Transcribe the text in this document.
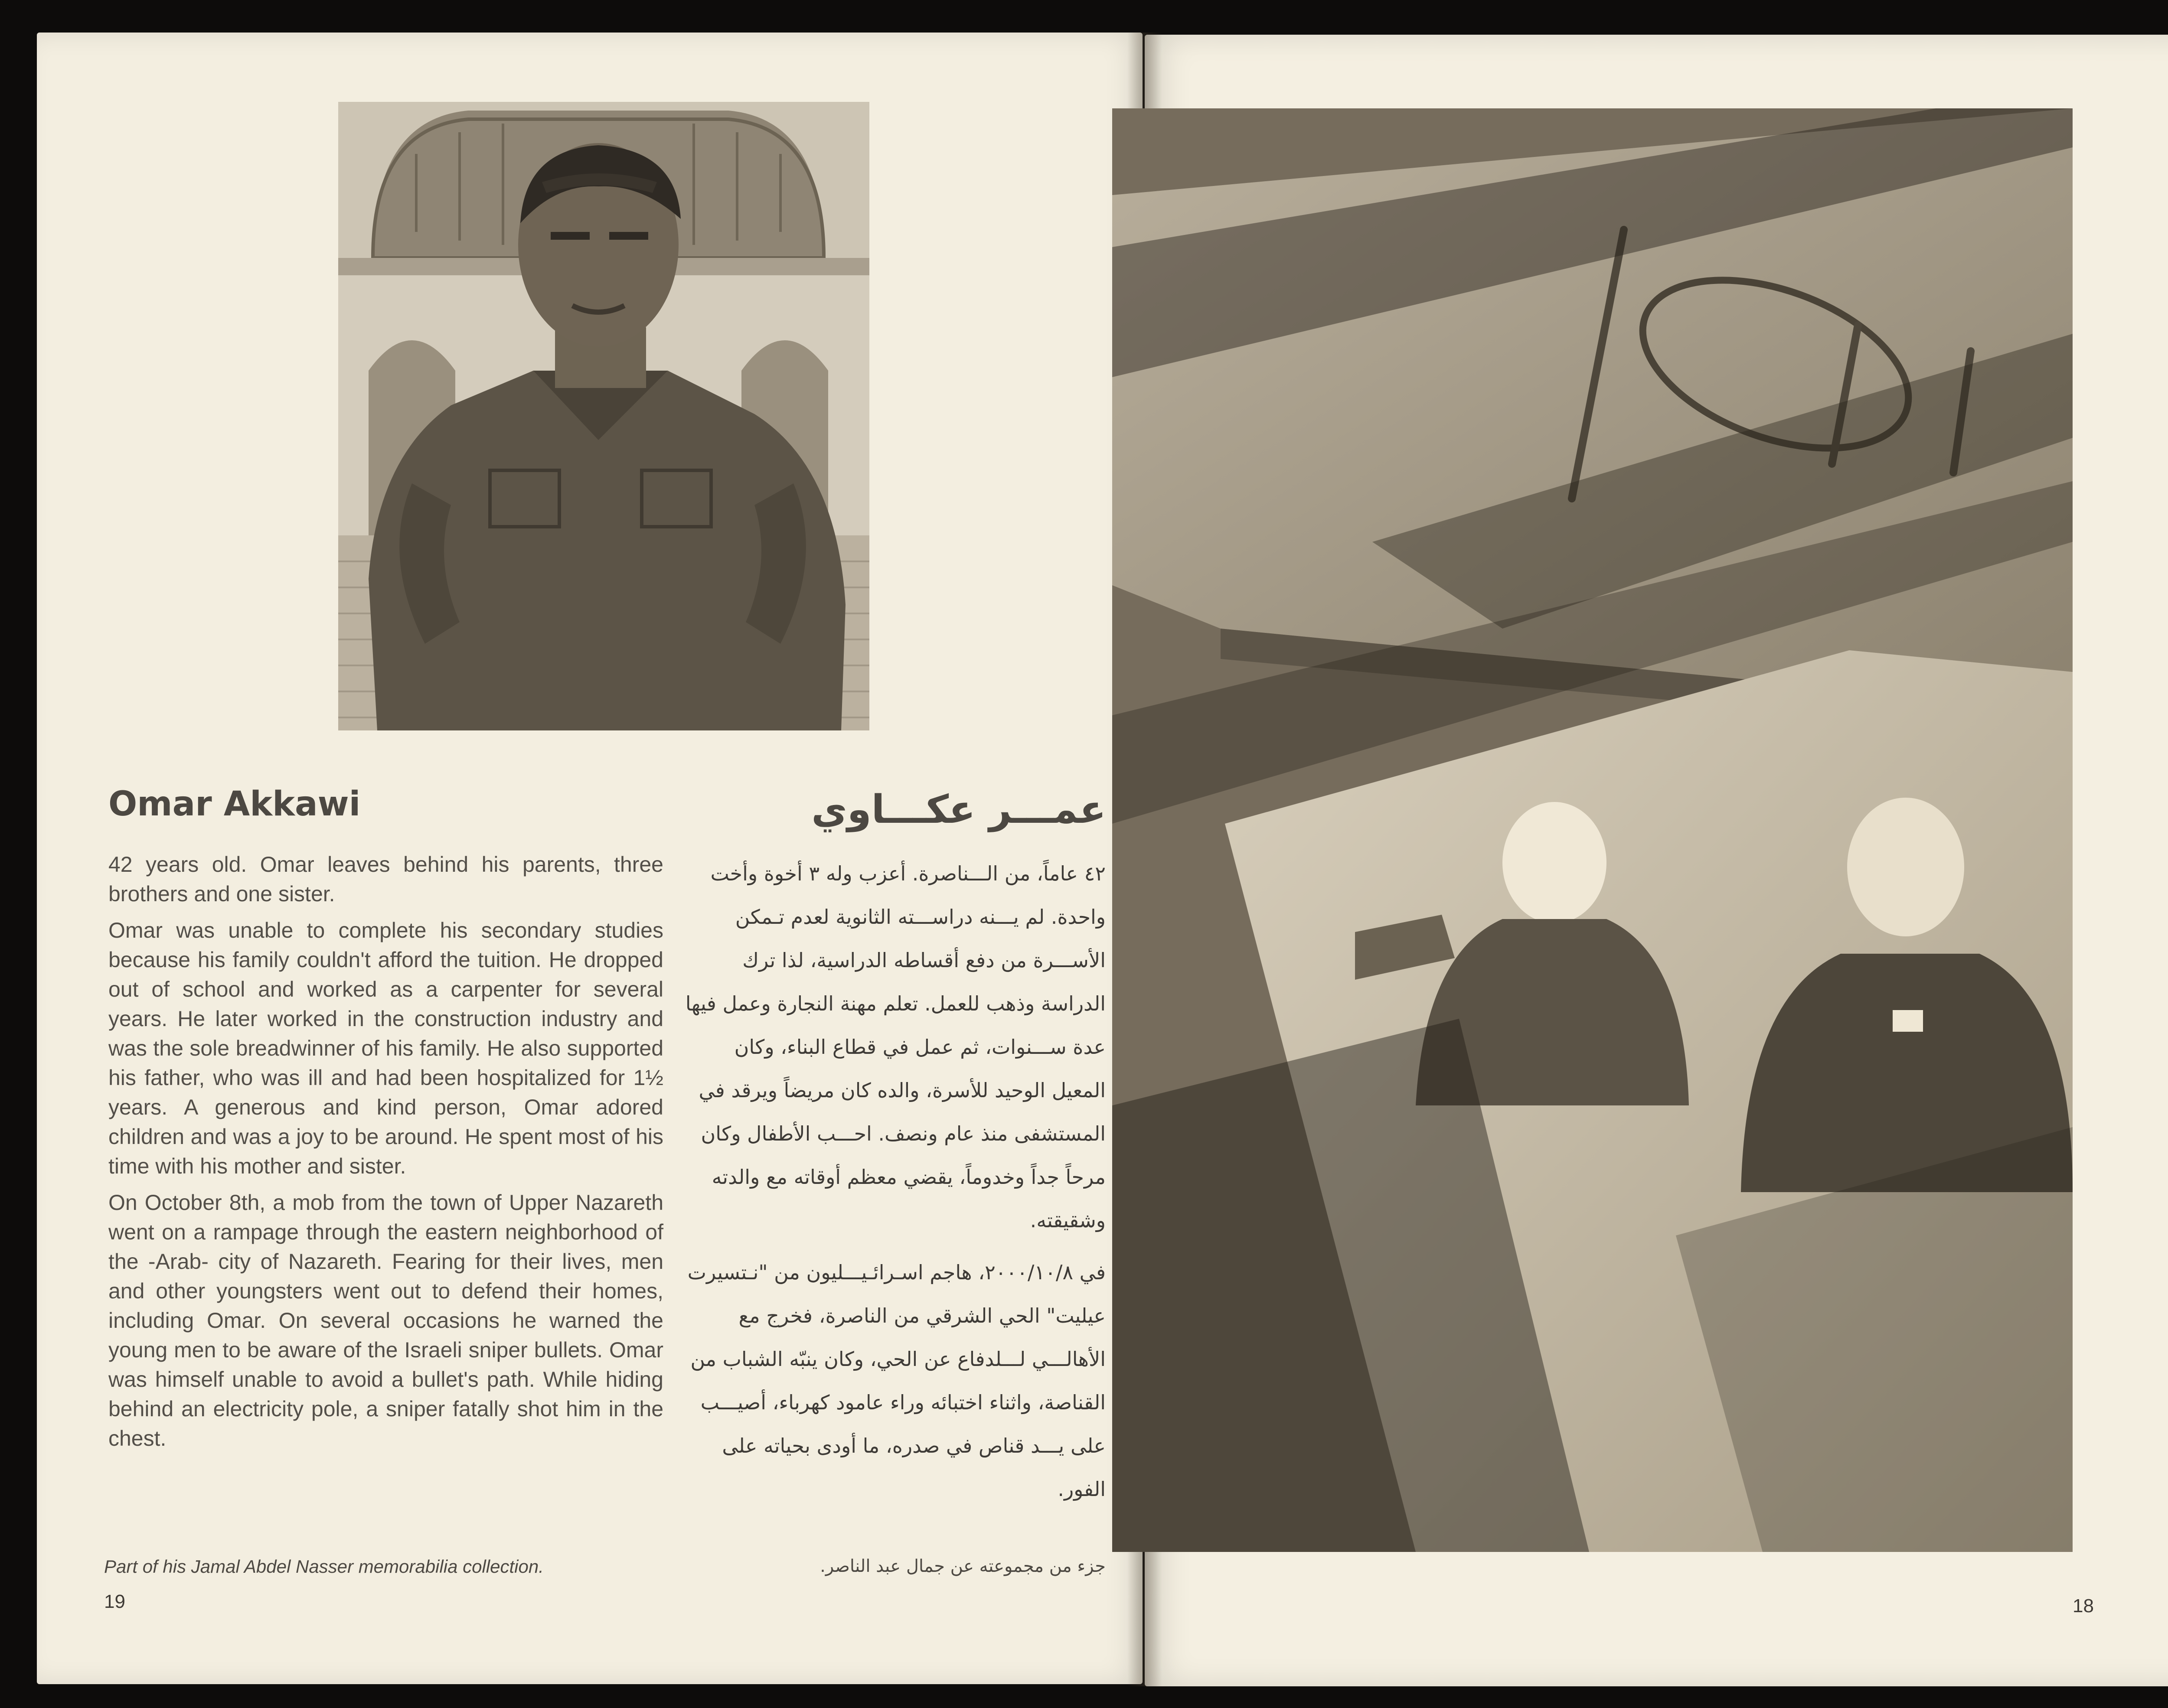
Omar Akkawi	عمـــر عكـــاوي

42 years old. Omar leaves behind his parents, three brothers and one sister.

Omar was unable to complete his secondary studies because his family couldn't afford the tuition. He dropped out of school and worked as a carpenter for several years. He later worked in the construction industry and was the sole breadwinner of his family. He also supported his father, who was ill and had been hospitalized for 1½ years. A generous and kind person, Omar adored children and was a joy to be around. He spent most of his time with his mother and sister.

On October 8th, a mob from the town of Upper Nazareth went on a rampage through the eastern neighborhood of the -Arab- city of Nazareth. Fearing for their lives, men and other youngsters went out to defend their homes, including Omar. On several occasions he warned the young men to be aware of the Israeli sniper bullets. Omar was himself unable to avoid a bullet's path. While hiding behind an electricity pole, a sniper fatally shot him in the chest.

٤٢ عاماً، من الـــناصرة. أعزب وله ٣ أخوة وأخت واحدة. لم يـــنه دراســـته الثانوية لعدم تـمكن الأســـرة من دفع أقساطه الدراسية، لذا ترك الدراسة وذهب للعمل. تعلم مهنة النجارة وعمل فيها عدة ســـنوات، ثم عمل في قطاع البناء، وكان المعيل الوحيد للأسرة، والده كان مريضاً ويرقد في المستشفى منذ عام ونصف. احـــب الأطفال وكان مرحاً جداً وخدوماً، يقضي معظم أوقاته مع والدته وشقيقته.

في ٢٠٠٠/١٠/٨، هاجم اسـرائـيـــليون من "نـتسيرت عيليت" الحي الشرقي من الناصرة، فخرج مع الأهالـــي لـــلدفاع عن الحي، وكان ينبّه الشباب من القناصة، واثناء اختبائه وراء عامود كهرباء، أصيـــب على يـــد قناص في صدره، ما أودى بحياته على الفور.

Part of his Jamal Abdel Nasser memorabilia collection.	جزء من مجموعته عن جمال عبد الناصر.

19	18
